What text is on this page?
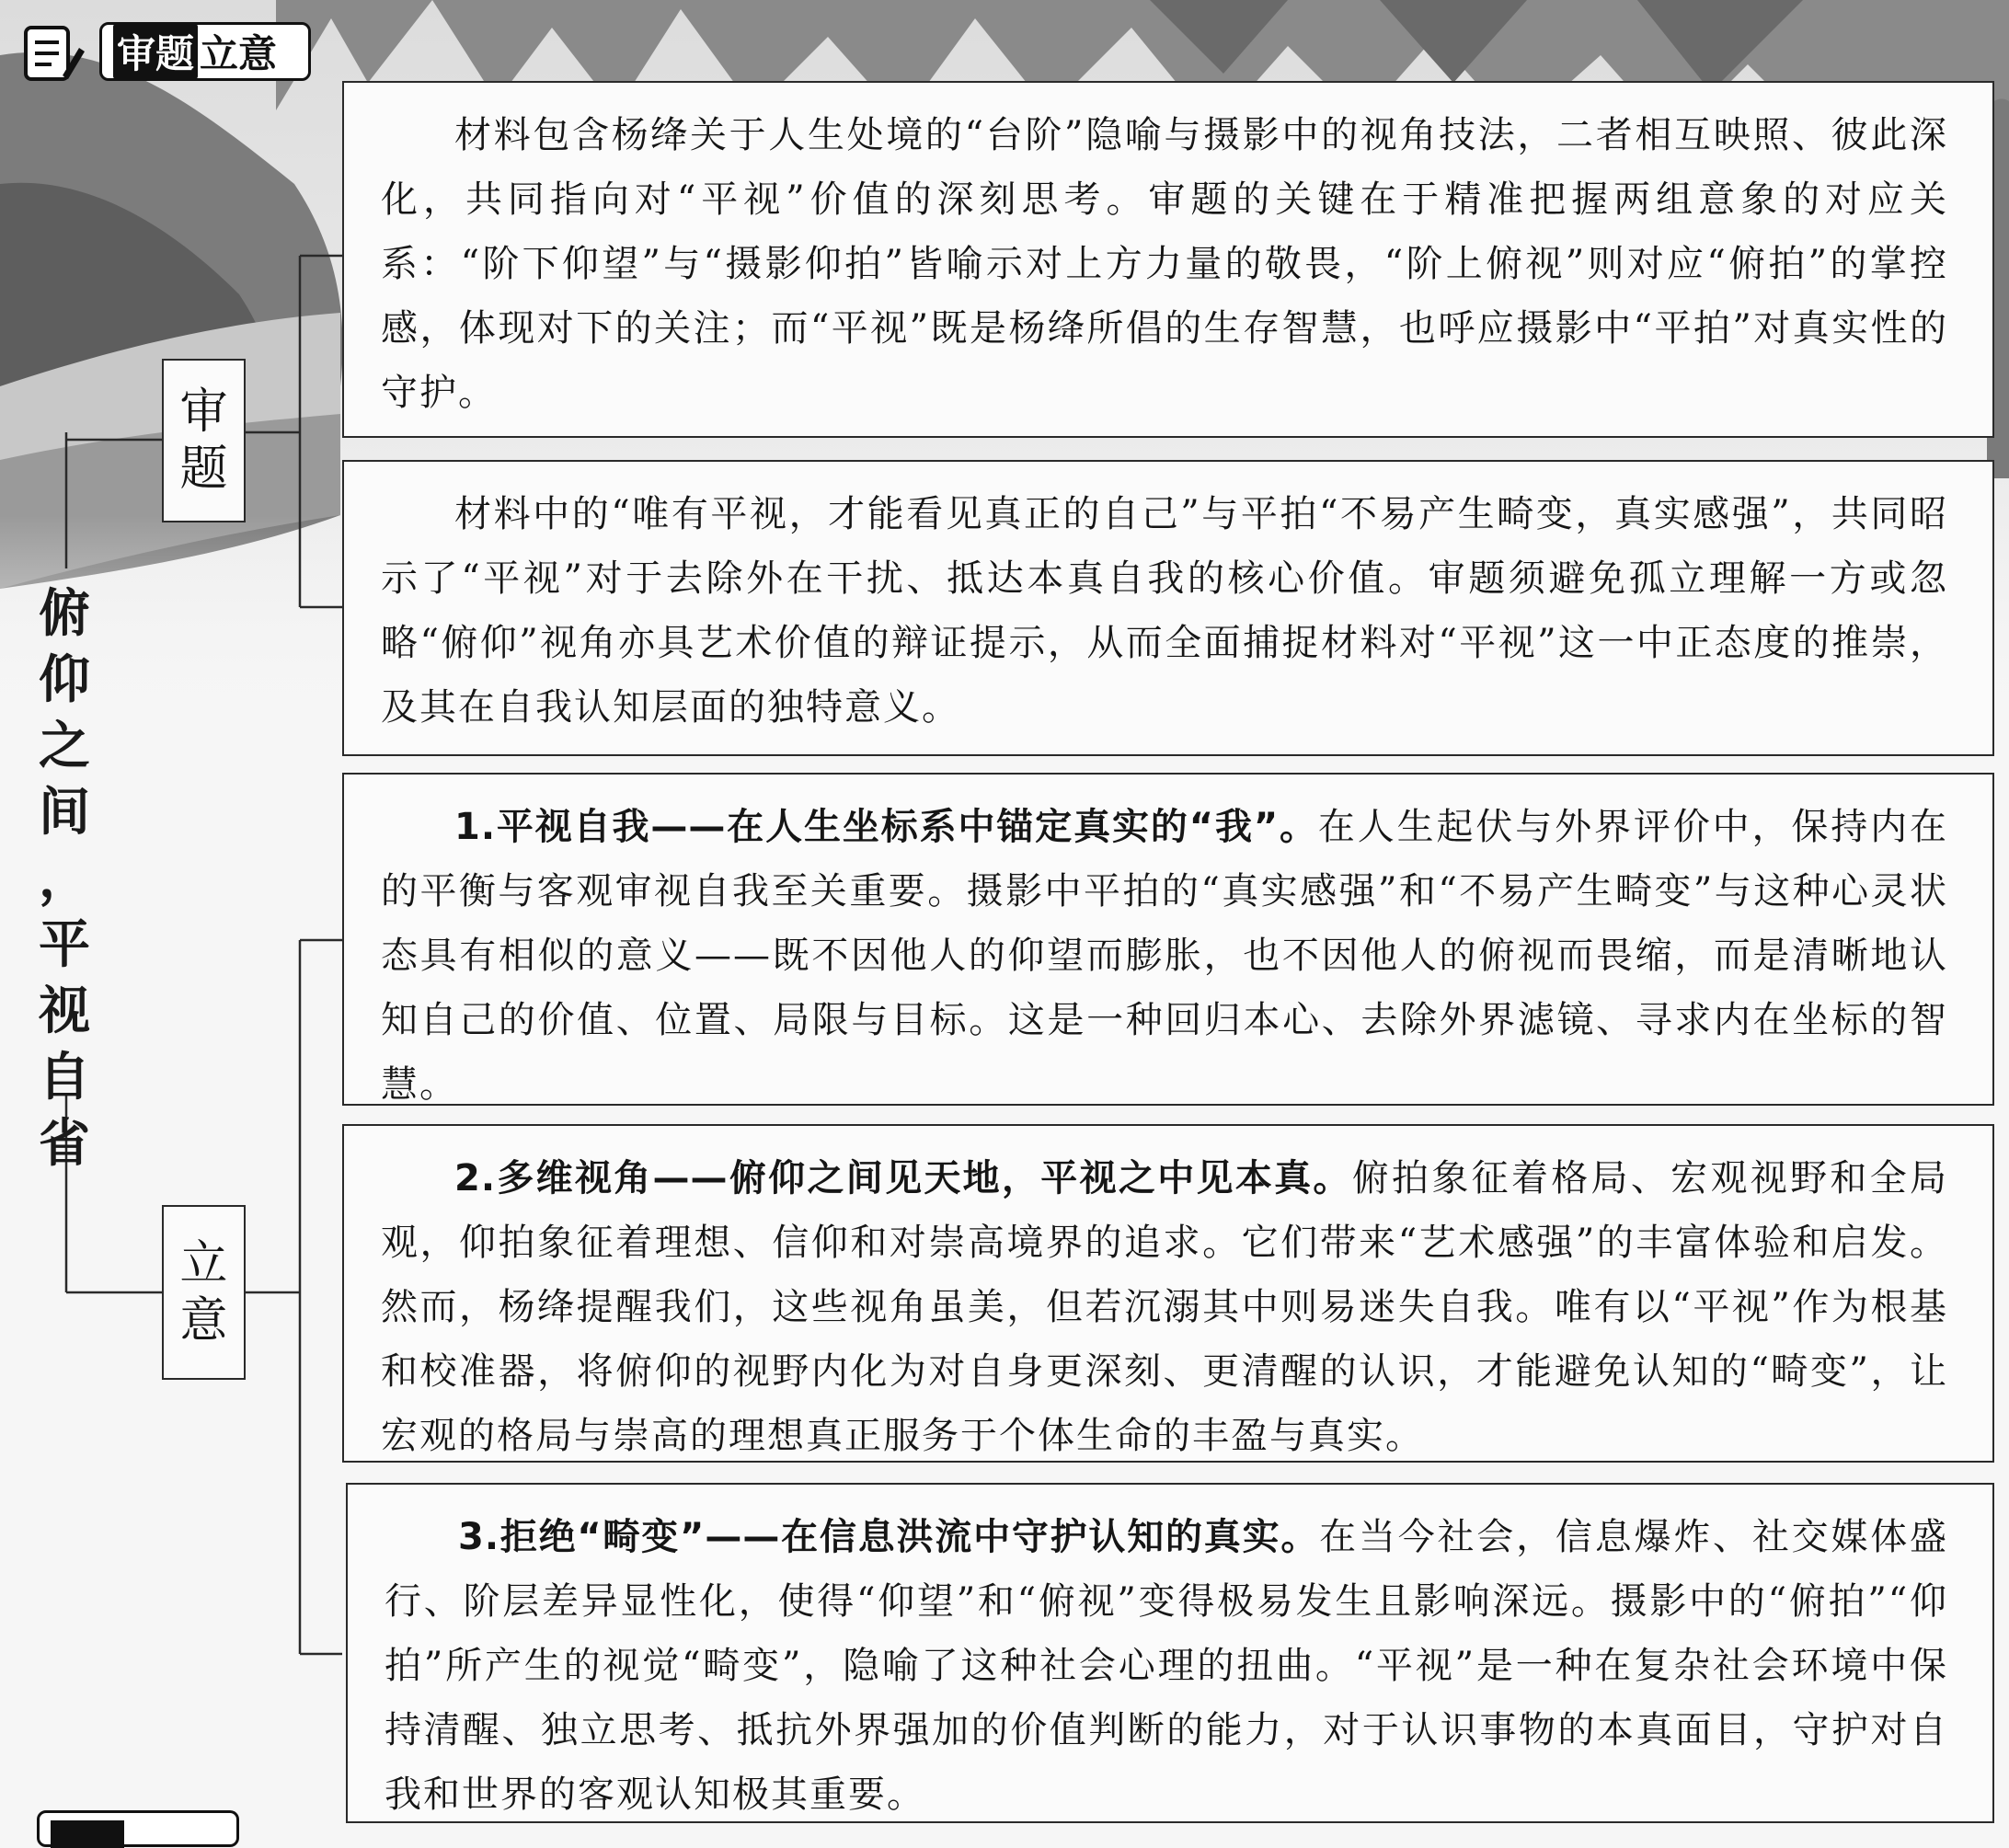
审题 立意
俯
仰
之
间
，
平
视
自
省
审
题
立
意

材料包含杨绛关于人生处境的“台阶”隐喻与摄影中的视角技法，二者相互映照、彼此深化，共同指向对“平视”价值的深刻思考。审题的关键在于精准把握两组意象的对应关系：“阶下仰望”与“摄影仰拍”皆喻示对上方力量的敬畏，“阶上俯视”则对应“俯拍”的掌控感，体现对下的关注；而“平视”既是杨绛所倡的生存智慧，也呼应摄影中“平拍”对真实性的守护。

材料中的“唯有平视，才能看见真正的自己”与平拍“不易产生畸变，真实感强”，共同昭示了“平视”对于去除外在干扰、抵达本真自我的核心价值。审题须避免孤立理解一方或忽略“俯仰”视角亦具艺术价值的辩证提示，从而全面捕捉材料对“平视”这一中正态度的推崇，及其在自我认知层面的独特意义。

1.平视自我——在人生坐标系中锚定真实的“我”。在人生起伏与外界评价中，保持内在的平衡与客观审视自我至关重要。摄影中平拍的“真实感强”和“不易产生畸变”与这种心灵状态具有相似的意义——既不因他人的仰望而膨胀，也不因他人的俯视而畏缩，而是清晰地认知自己的价值、位置、局限与目标。这是一种回归本心、去除外界滤镜、寻求内在坐标的智慧。

2.多维视角——俯仰之间见天地，平视之中见本真。俯拍象征着格局、宏观视野和全局观，仰拍象征着理想、信仰和对崇高境界的追求。它们带来“艺术感强”的丰富体验和启发。然而，杨绛提醒我们，这些视角虽美，但若沉溺其中则易迷失自我。唯有以“平视”作为根基和校准器，将俯仰的视野内化为对自身更深刻、更清醒的认识，才能避免认知的“畸变”，让宏观的格局与崇高的理想真正服务于个体生命的丰盈与真实。

3.拒绝“畸变”——在信息洪流中守护认知的真实。在当今社会，信息爆炸、社交媒体盛行、阶层差异显性化，使得“仰望”和“俯视”变得极易发生且影响深远。摄影中的“俯拍”“仰拍”所产生的视觉“畸变”，隐喻了这种社会心理的扭曲。“平视”是一种在复杂社会环境中保持清醒、独立思考、抵抗外界强加的价值判断的能力，对于认识事物的本真面目，守护对自我和世界的客观认知极其重要。
